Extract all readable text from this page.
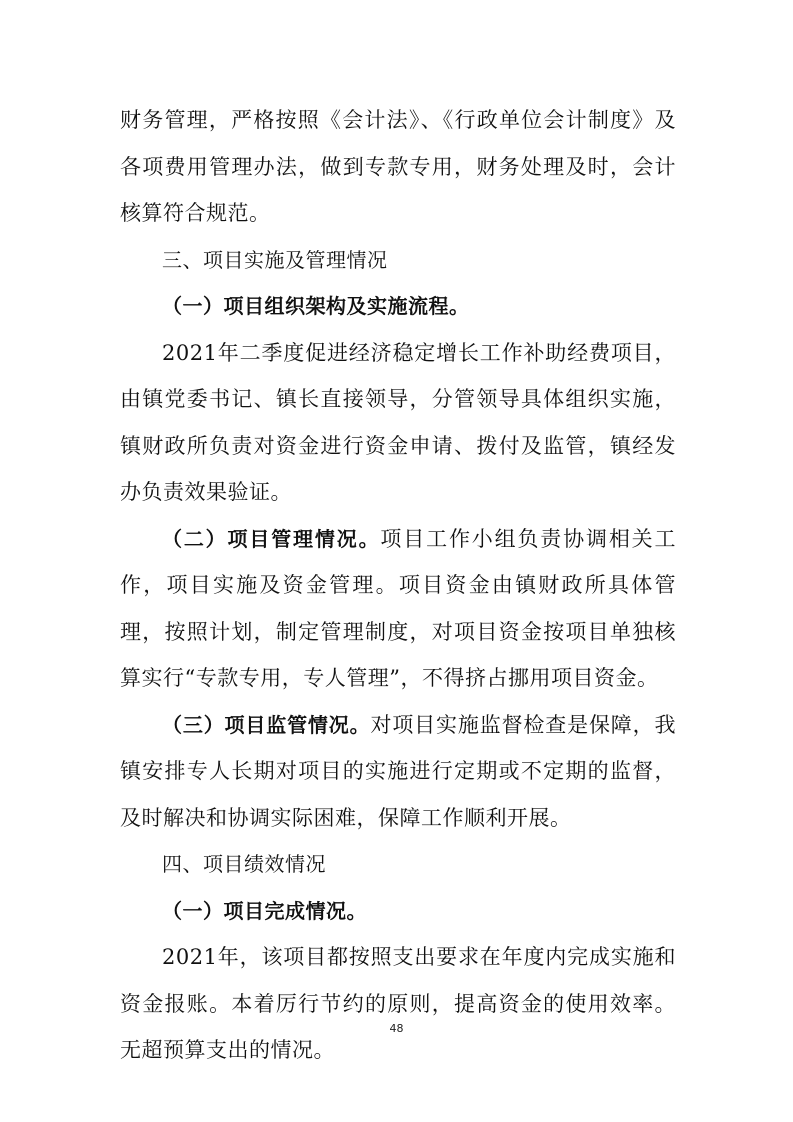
财务管理，严格按照《会计法》、《行政单位会计制度》及各项费用管理办法，做到专款专用，财务处理及时，会计核算符合规范。

三、项目实施及管理情况

（一）项目组织架构及实施流程。

2021年二季度促进经济稳定增长工作补助经费项目，由镇党委书记、镇长直接领导，分管领导具体组织实施，镇财政所负责对资金进行资金申请、拨付及监管，镇经发办负责效果验证。

（二）项目管理情况。项目工作小组负责协调相关工作，项目实施及资金管理。项目资金由镇财政所具体管理，按照计划，制定管理制度，对项目资金按项目单独核算实行“专款专用，专人管理”，不得挤占挪用项目资金。

（三）项目监管情况。对项目实施监督检查是保障，我镇安排专人长期对项目的实施进行定期或不定期的监督，及时解决和协调实际困难，保障工作顺利开展。

四、项目绩效情况

（一）项目完成情况。

2021年，该项目都按照支出要求在年度内完成实施和资金报账。本着厉行节约的原则，提高资金的使用效率。无超预算支出的情况。

48
